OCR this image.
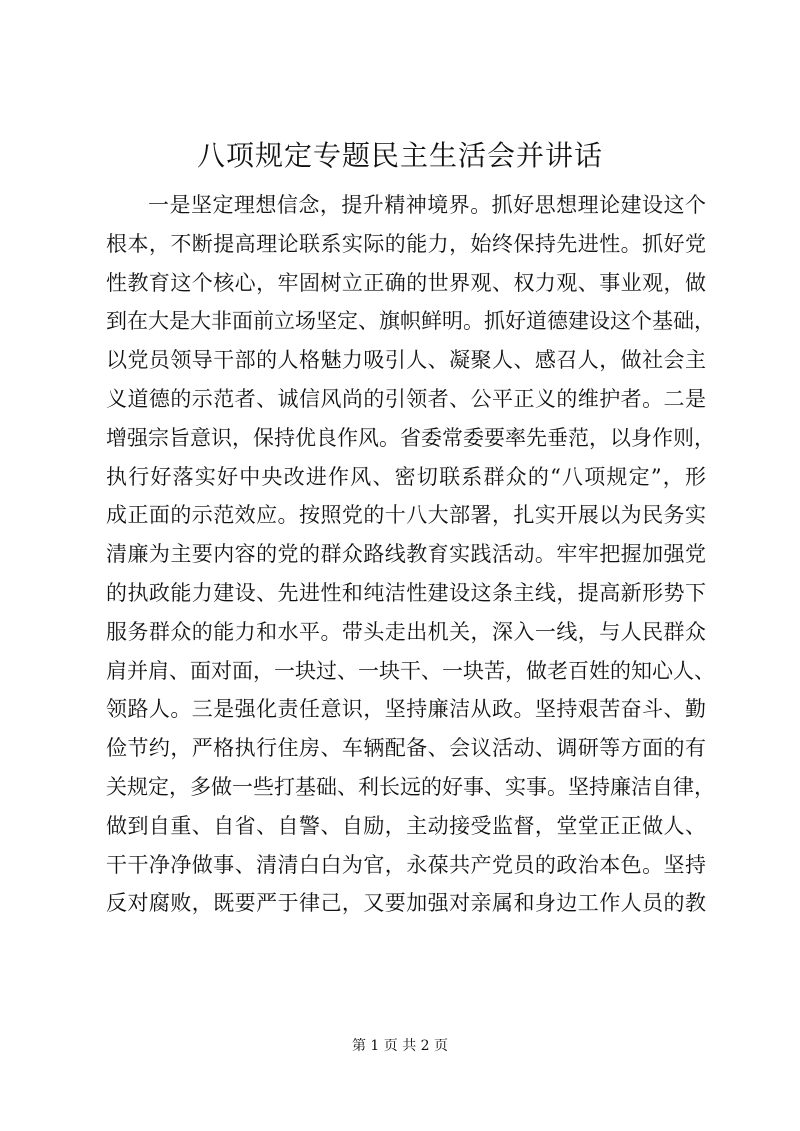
八项规定专题民主生活会并讲话
一是坚定理想信念，提升精神境界。抓好思想理论建设这个
根本，不断提高理论联系实际的能力，始终保持先进性。抓好党
性教育这个核心，牢固树立正确的世界观、权力观、事业观，做
到在大是大非面前立场坚定、旗帜鲜明。抓好道德建设这个基础，
以党员领导干部的人格魅力吸引人、凝聚人、感召人，做社会主
义道德的示范者、诚信风尚的引领者、公平正义的维护者。二是
增强宗旨意识，保持优良作风。省委常委要率先垂范，以身作则，
执行好落实好中央改进作风、密切联系群众的“八项规定”，形
成正面的示范效应。按照党的十八大部署，扎实开展以为民务实
清廉为主要内容的党的群众路线教育实践活动。牢牢把握加强党
的执政能力建设、先进性和纯洁性建设这条主线，提高新形势下
服务群众的能力和水平。带头走出机关，深入一线，与人民群众
肩并肩、面对面，一块过、一块干、一块苦，做老百姓的知心人、
领路人。三是强化责任意识，坚持廉洁从政。坚持艰苦奋斗、勤
俭节约，严格执行住房、车辆配备、会议活动、调研等方面的有
关规定，多做一些打基础、利长远的好事、实事。坚持廉洁自律，
做到自重、自省、自警、自励，主动接受监督，堂堂正正做人、
干干净净做事、清清白白为官，永葆共产党员的政治本色。坚持
反对腐败，既要严于律己，又要加强对亲属和身边工作人员的教
第 1 页 共 2 页
